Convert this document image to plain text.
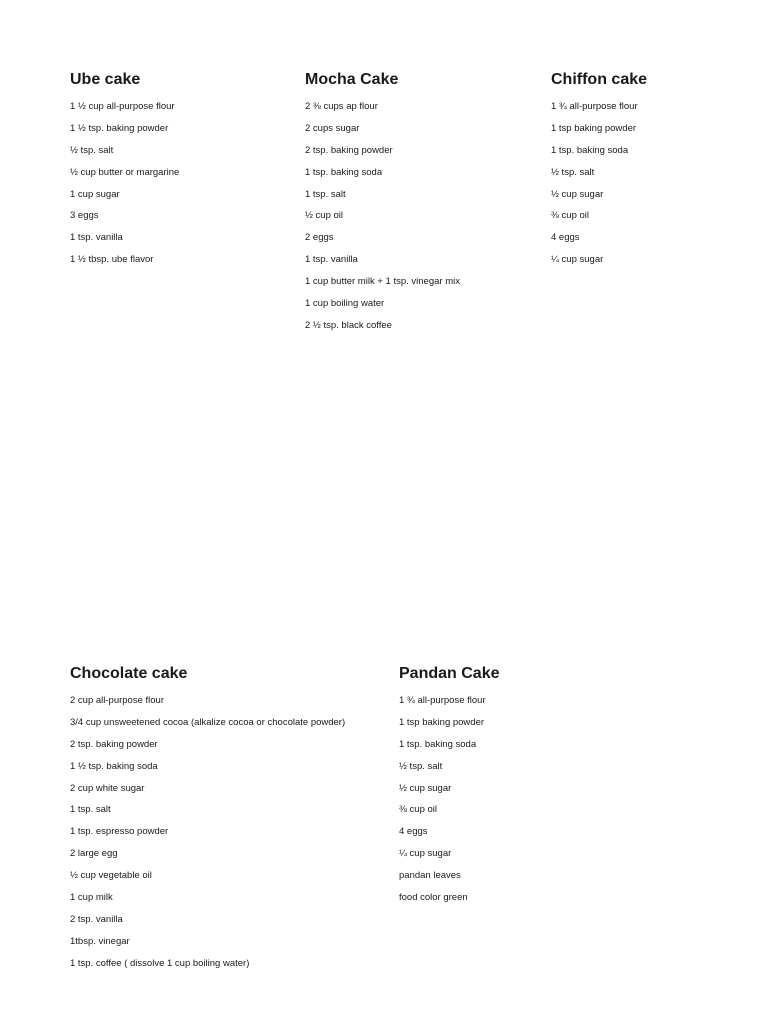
Ube cake
1 ½ cup all-purpose flour
1 ½ tsp. baking powder
½ tsp. salt
½ cup butter or margarine
1 cup sugar
3 eggs
1 tsp. vanilla
1 ½ tbsp. ube flavor
Mocha Cake
2 ⅜ cups ap flour
2 cups sugar
2 tsp. baking powder
1 tsp. baking soda
1 tsp. salt
½ cup oil
2 eggs
1 tsp. vanilla
1 cup butter milk + 1 tsp. vinegar mix
1 cup boiling water
2 ½ tsp. black coffee
Chiffon cake
1 ¾ all-purpose flour
1 tsp baking powder
1 tsp. baking soda
½ tsp. salt
½ cup sugar
⅜ cup oil
4 eggs
¼ cup sugar
Chocolate cake
2 cup all-purpose flour
3/4 cup unsweetened cocoa (alkalize cocoa or chocolate powder)
2 tsp. baking powder
1 ½ tsp. baking soda
2 cup white sugar
1 tsp. salt
1 tsp. espresso powder
2 large egg
½ cup vegetable oil
1 cup milk
2 tsp. vanilla
1tbsp. vinegar
1 tsp. coffee ( dissolve 1 cup boiling water)
Pandan Cake
1 ¾ all-purpose flour
1 tsp baking powder
1 tsp. baking soda
½ tsp. salt
½ cup sugar
⅜ cup oil
4 eggs
¼ cup sugar
pandan leaves
food color green
